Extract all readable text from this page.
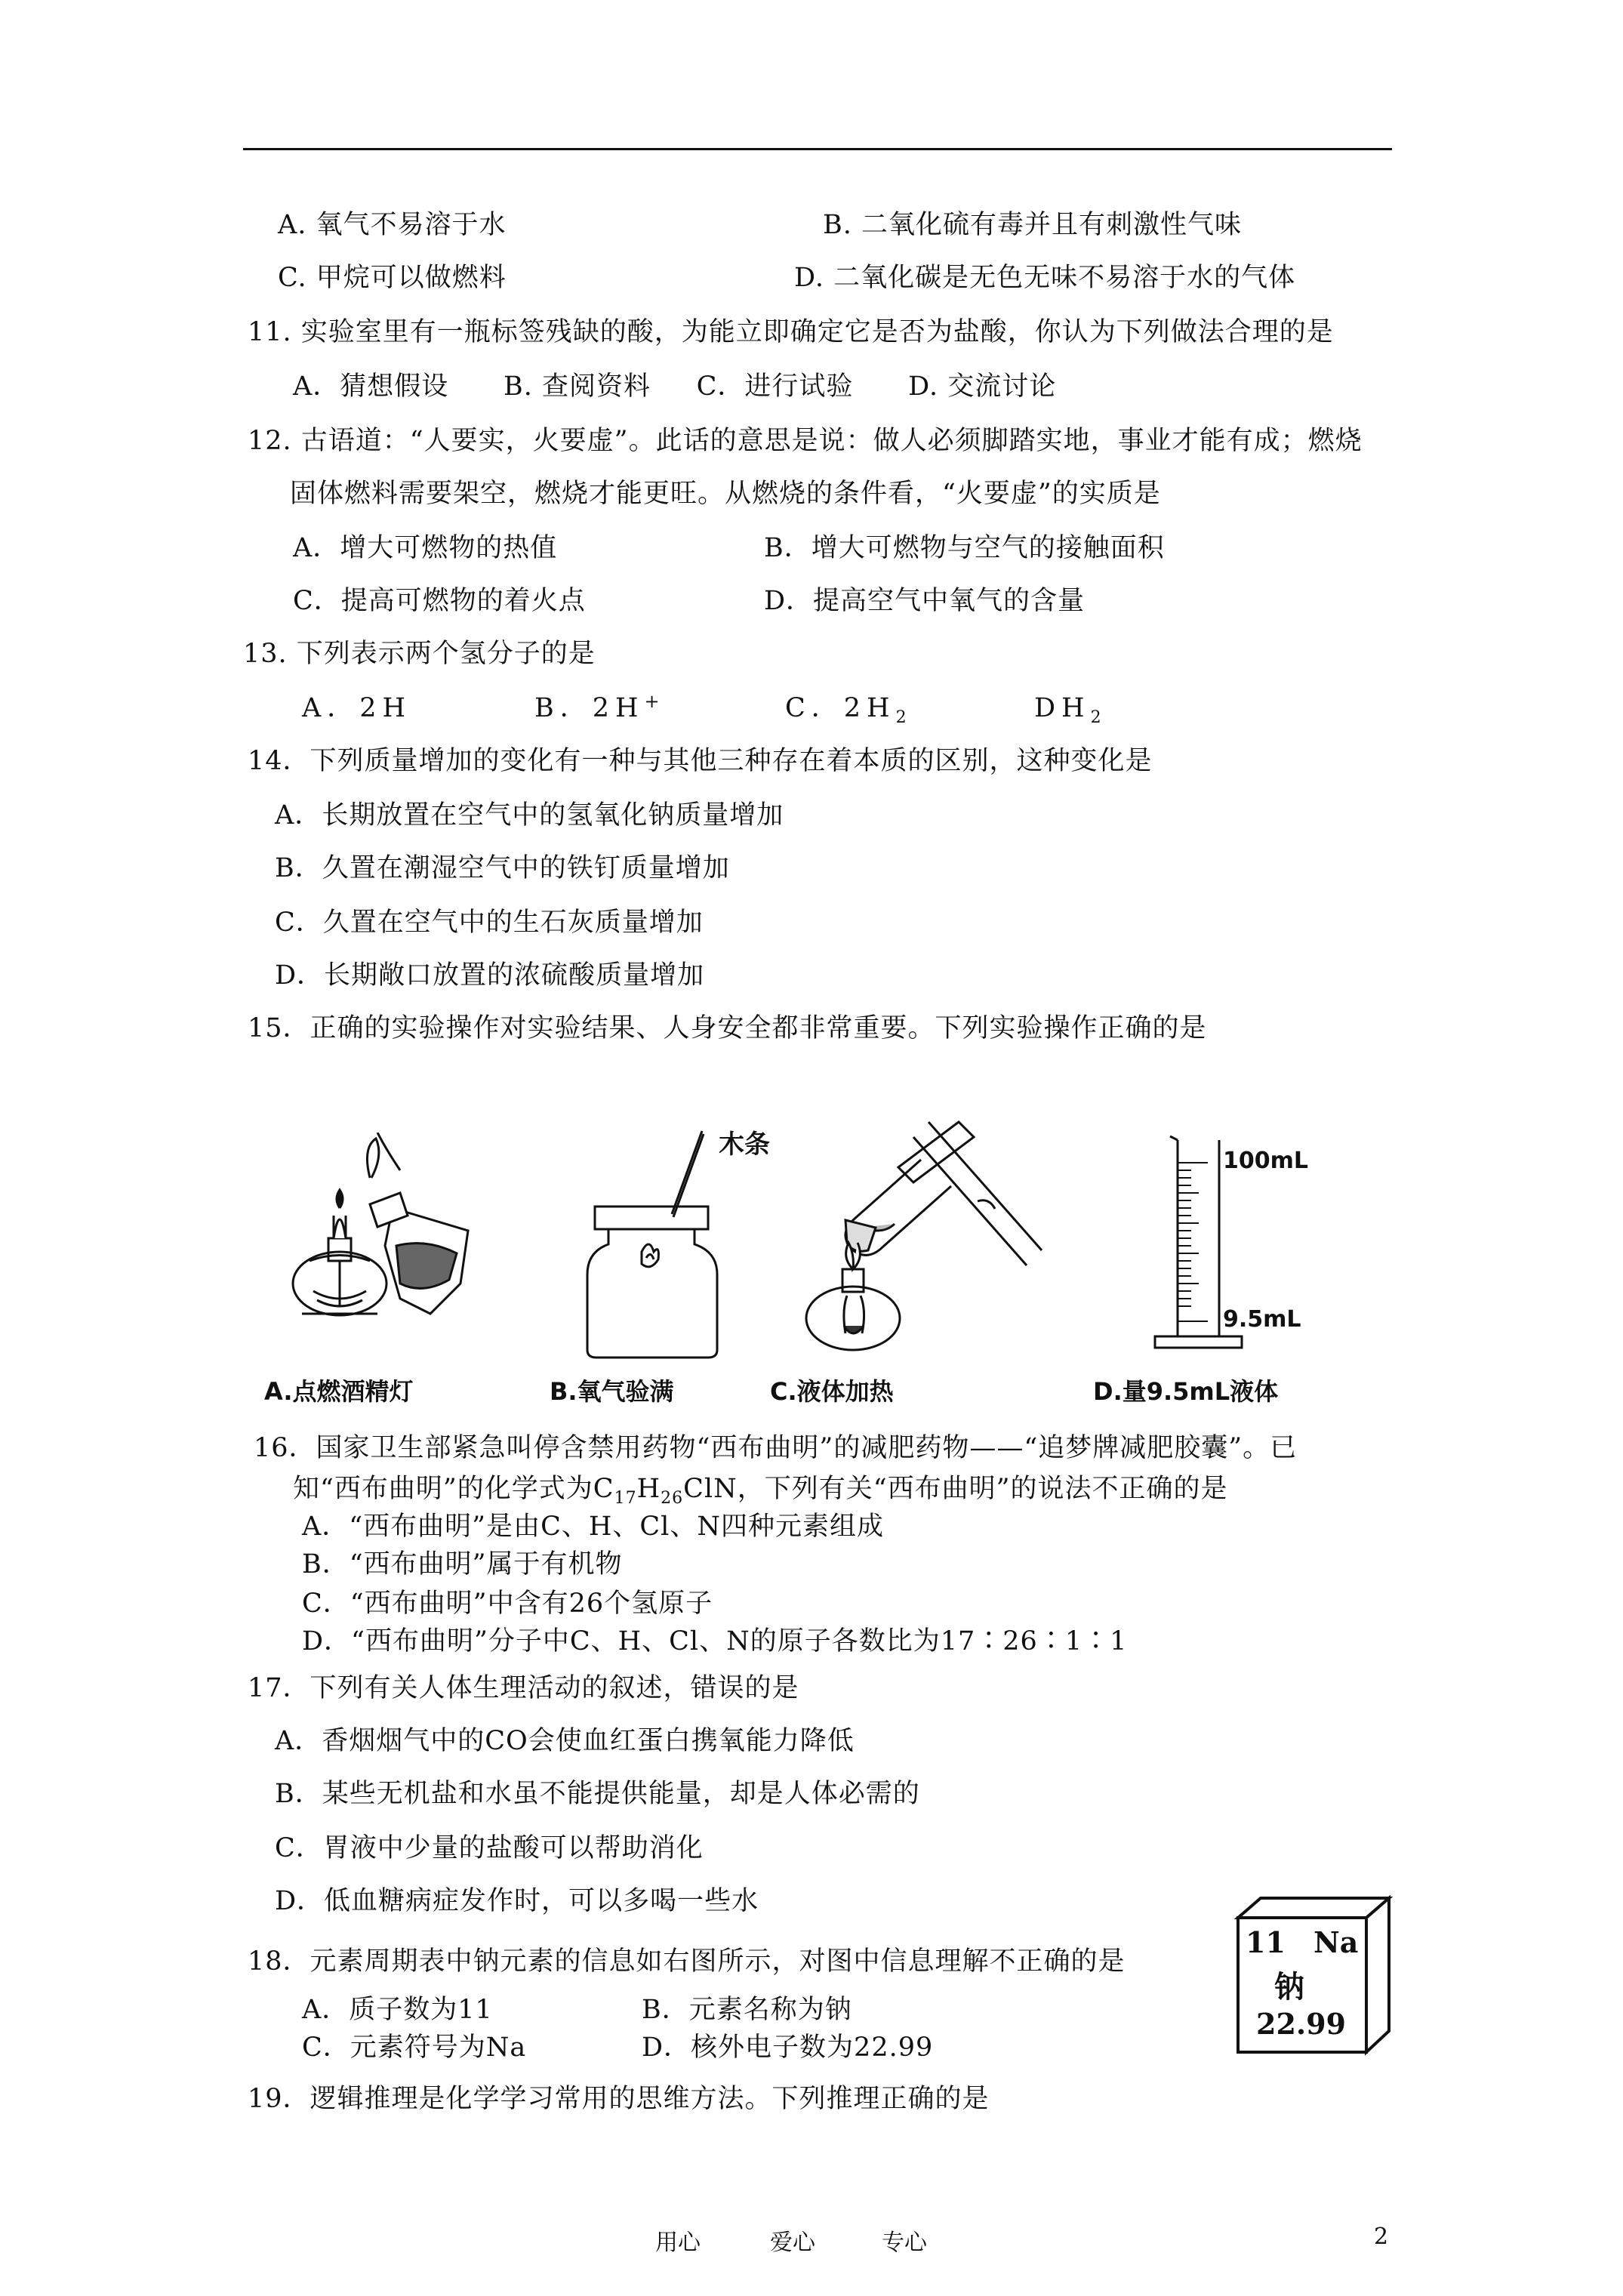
A. 氧气不易溶于水	B. 二氧化硫有毒并且有刺激性气味
C. 甲烷可以做燃料	D. 二氧化碳是无色无味不易溶于水的气体
11. 实验室里有一瓶标签残缺的酸，为能立即确定它是否为盐酸，你认为下列做法合理的是
A．猜想假设      B. 查阅资料     C．进行试验      D. 交流讨论
12. 古语道：“人要实，火要虚”。此话的意思是说：做人必须脚踏实地，事业才能有成；燃烧
固体燃料需要架空，燃烧才能更旺。从燃烧的条件看，“火要虚”的实质是
A．增大可燃物的热值	B．增大可燃物与空气的接触面积
C．提高可燃物的着火点	D．提高空气中氧气的含量
13. 下列表示两个氢分子的是
A．2H	B．2H+	C．$2H_2$	$DH_2$
14．下列质量增加的变化有一种与其他三种存在着本质的区别，这种变化是
A．长期放置在空气中的氢氧化钠质量增加
B．久置在潮湿空气中的铁钉质量增加
C．久置在空气中的生石灰质量增加
D．长期敞口放置的浓硫酸质量增加
15．正确的实验操作对实验结果、人身安全都非常重要。下列实验操作正确的是
木条
100mL
9.5mL
A.点燃酒精灯	B.氧气验满	C.液体加热	D.量9.5mL液体
16．国家卫生部紧急叫停含禁用药物“西布曲明”的减肥药物——“追梦牌减肥胶囊”。已
知“西布曲明”的化学式为$C_{17}H_{26}ClN$，下列有关“西布曲明”的说法不正确的是
A．“西布曲明”是由C、H、Cl、N四种元素组成
B．“西布曲明”属于有机物
C．“西布曲明”中含有26个氢原子
D．“西布曲明”分子中C、H、Cl、N的原子各数比为17∶26∶1∶1
17．下列有关人体生理活动的叙述，错误的是
A．香烟烟气中的CO会使血红蛋白携氧能力降低
B．某些无机盐和水虽不能提供能量，却是人体必需的
C．胃液中少量的盐酸可以帮助消化
D．低血糖病症发作时，可以多喝一些水
18．元素周期表中钠元素的信息如右图所示，对图中信息理解不正确的是
A．质子数为11	B．元素名称为钠
C．元素符号为Na	D．核外电子数为22.99
11 Na
钠
22.99
19．逻辑推理是化学学习常用的思维方法。下列推理正确的是
用心	爱心	专心	2
